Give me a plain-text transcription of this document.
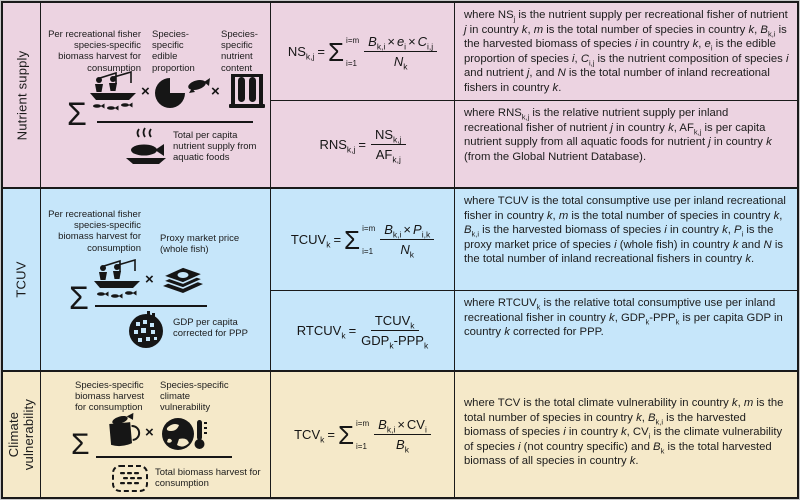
Nutrient supply
Per recreational fisher species-specific biomass harvest for consumption
Species-specific edible proportion
Species-specific nutrient content
×	×
Σ
Total per capita nutrient supply from aquatic foods
$NS_{k,j} = \Sigma$ i=m
$i=1 \frac{B_{k,i} \times e_i \times C_{i,j}}{N_k}$
$RNS_{k,j} = \frac{NS_{k,j}}{AF_{k,j}}$
where $NS_j$ is the nutrient supply per recreational fisher of nutrient j in country k, m is the total number of species in country k, $B_{k,i}$ is the harvested biomass of species i in country k, $e_i$ is the edible proportion of species i, $C_{i,j}$ is the nutrient composition of species i and nutrient j, and N is the total number of inland recreational fishers in country k.
where $RNS_{k,j}$ is the relative nutrient supply per inland recreational fisher of nutrient j in country k, $AF_{k,j}$ is per capita nutrient supply from all aquatic foods for nutrient j in country k (from the Global Nutrient Database).
TCUV
Per recreational fisher species-specific biomass harvest for consumption
Proxy market price (whole fish)
×
Σ
GDP per capita corrected for PPP
$TCUV_k = \Sigma$ i=m
$i=1 \frac{B_{k,i} \times P_{i,k}}{N_k}$
$RTCUV_k = \frac{TCUV_k}{GDP_k-PPP_k}$
where TCUV is the total consumptive use per inland recreational fisher in country k, m is the total number of species in country k, $B_{k,i}$ is the harvested biomass of species i in country k, $P_i$ is the proxy market price of species i (whole fish) in country k and N is the total number of inland recreational fishers in country k.
where $RTCUV_k$ is the relative total consumptive use per inland recreational fisher in country k, $GDP_k-PPP_k$ is per capita GDP in country k corrected for PPP.
Climate vulnerability
Species-specific biomass harvest for consumption
Species-specific climate vulnerability
×
Σ
Total biomass harvest for consumption
$TCV_k = \Sigma$ i=m
$i=1 \frac{B_{k,i} \times CV_i}{B_k}$
where TCV is the total climate vulnerability in country k, m is the total number of species in country k, $B_{k,i}$ is the harvested biomass of species i in country k, $CV_i$ is the climate vulnerability of species i (not country specific) and $B_k$ is the total harvested biomass of all species in country k.
